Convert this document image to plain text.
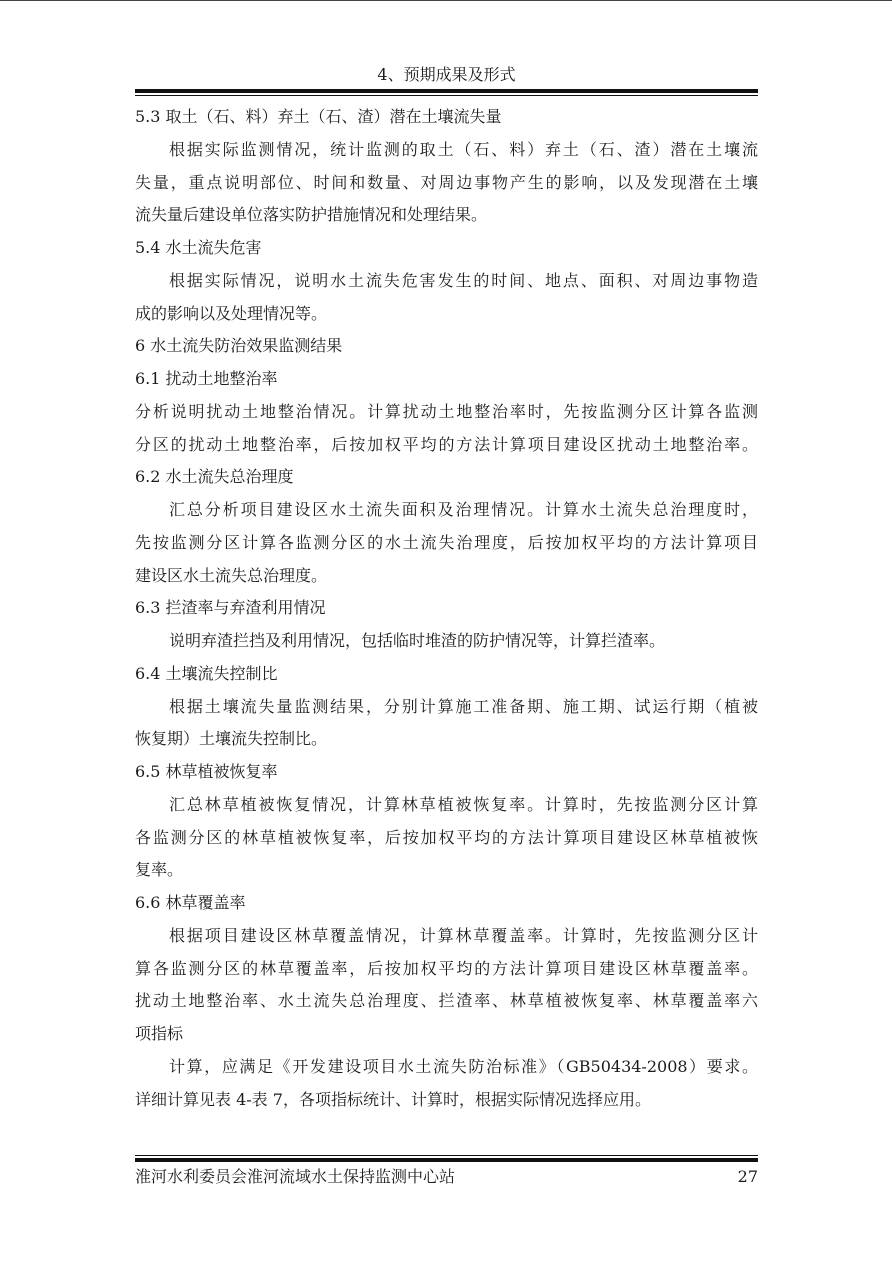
4、预期成果及形式
5.3 取土（石、料）弃土（石、渣）潜在土壤流失量
根据实际监测情况，统计监测的取土（石、料）弃土（石、渣）潜在土壤流
失量，重点说明部位、时间和数量、对周边事物产生的影响，以及发现潜在土壤
流失量后建设单位落实防护措施情况和处理结果。
5.4 水土流失危害
根据实际情况，说明水土流失危害发生的时间、地点、面积、对周边事物造
成的影响以及处理情况等。
6 水土流失防治效果监测结果
6.1 扰动土地整治率
分析说明扰动土地整治情况。计算扰动土地整治率时，先按监测分区计算各监测
分区的扰动土地整治率，后按加权平均的方法计算项目建设区扰动土地整治率。
6.2 水土流失总治理度
汇总分析项目建设区水土流失面积及治理情况。计算水土流失总治理度时，
先按监测分区计算各监测分区的水土流失治理度，后按加权平均的方法计算项目
建设区水土流失总治理度。
6.3 拦渣率与弃渣利用情况
说明弃渣拦挡及利用情况，包括临时堆渣的防护情况等，计算拦渣率。
6.4 土壤流失控制比
根据土壤流失量监测结果，分别计算施工准备期、施工期、试运行期（植被
恢复期）土壤流失控制比。
6.5 林草植被恢复率
汇总林草植被恢复情况，计算林草植被恢复率。计算时，先按监测分区计算
各监测分区的林草植被恢复率，后按加权平均的方法计算项目建设区林草植被恢
复率。
6.6 林草覆盖率
根据项目建设区林草覆盖情况，计算林草覆盖率。计算时，先按监测分区计
算各监测分区的林草覆盖率，后按加权平均的方法计算项目建设区林草覆盖率。
扰动土地整治率、水土流失总治理度、拦渣率、林草植被恢复率、林草覆盖率六
项指标
计算，应满足《开发建设项目水土流失防治标准》（GB50434-2008）要求。
详细计算见表 4-表 7，各项指标统计、计算时，根据实际情况选择应用。
淮河水利委员会淮河流域水土保持监测中心站	27
